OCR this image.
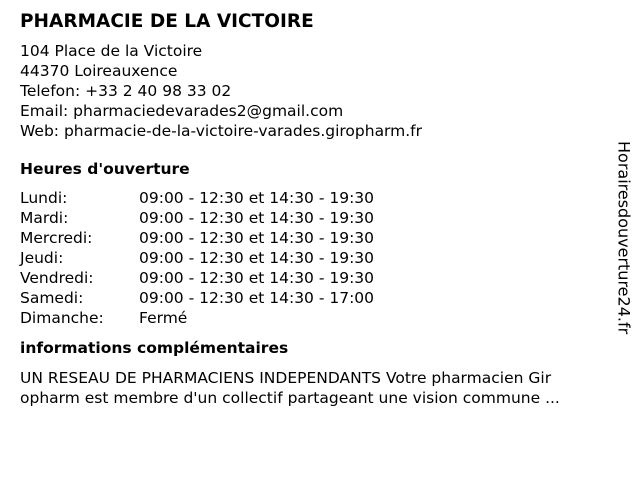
PHARMACIE DE LA VICTOIRE
104 Place de la Victoire
44370 Loireauxence
Telefon: +33 2 40 98 33 02
Email: pharmaciedevarades2@gmail.com
Web: pharmacie-de-la-victoire-varades.giropharm.fr
Heures d'ouverture
Lundi:	09:00 - 12:30 et 14:30 - 19:30
Mardi:	09:00 - 12:30 et 14:30 - 19:30
Mercredi:	09:00 - 12:30 et 14:30 - 19:30
Jeudi:	09:00 - 12:30 et 14:30 - 19:30
Vendredi:	09:00 - 12:30 et 14:30 - 19:30
Samedi:	09:00 - 12:30 et 14:30 - 17:00
Dimanche:	Fermé
informations complémentaires
UN RESEAU DE PHARMACIENS INDEPENDANTS Votre pharmacien Gir
opharm est membre d'un collectif partageant une vision commune ...
Horairesdouverture24.fr
